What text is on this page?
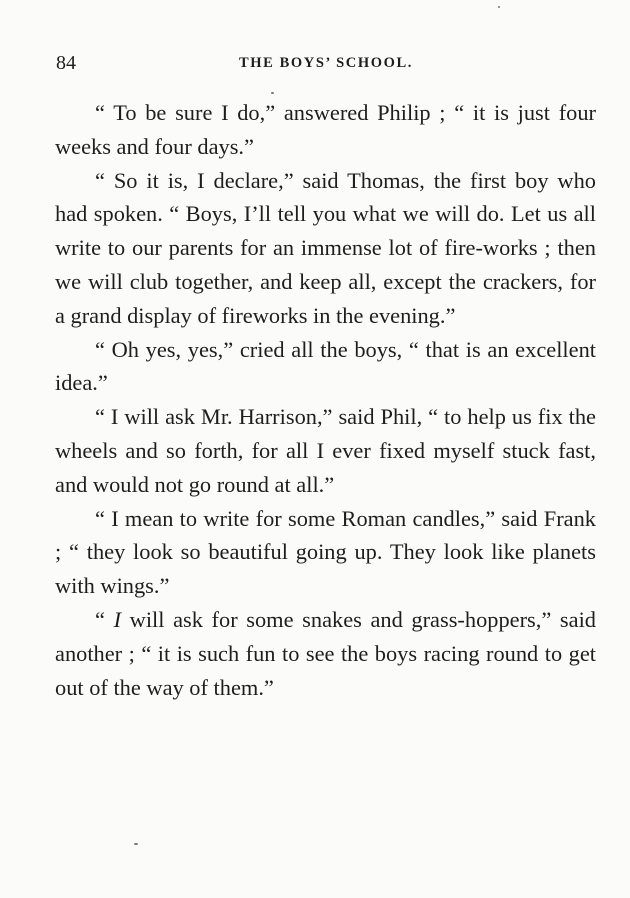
84	THE BOYS’ SCHOOL.

“ To be sure I do,” answered Philip ; “ it is just four weeks and four days.”

“ So it is, I declare,” said Thomas, the first boy who had spoken. “ Boys, I’ll tell you what we will do. Let us all write to our parents for an immense lot of fire-works ; then we will club together, and keep all, except the crackers, for a grand display of fireworks in the evening.”

“ Oh yes, yes,” cried all the boys, “ that is an excellent idea.”

“ I will ask Mr. Harrison,” said Phil, “ to help us fix the wheels and so forth, for all I ever fixed myself stuck fast, and would not go round at all.”

“ I mean to write for some Roman candles,” said Frank ; “ they look so beautiful going up. They look like planets with wings.”

“ I will ask for some snakes and grass-hoppers,” said another ; “ it is such fun to see the boys racing round to get out of the way of them.”
